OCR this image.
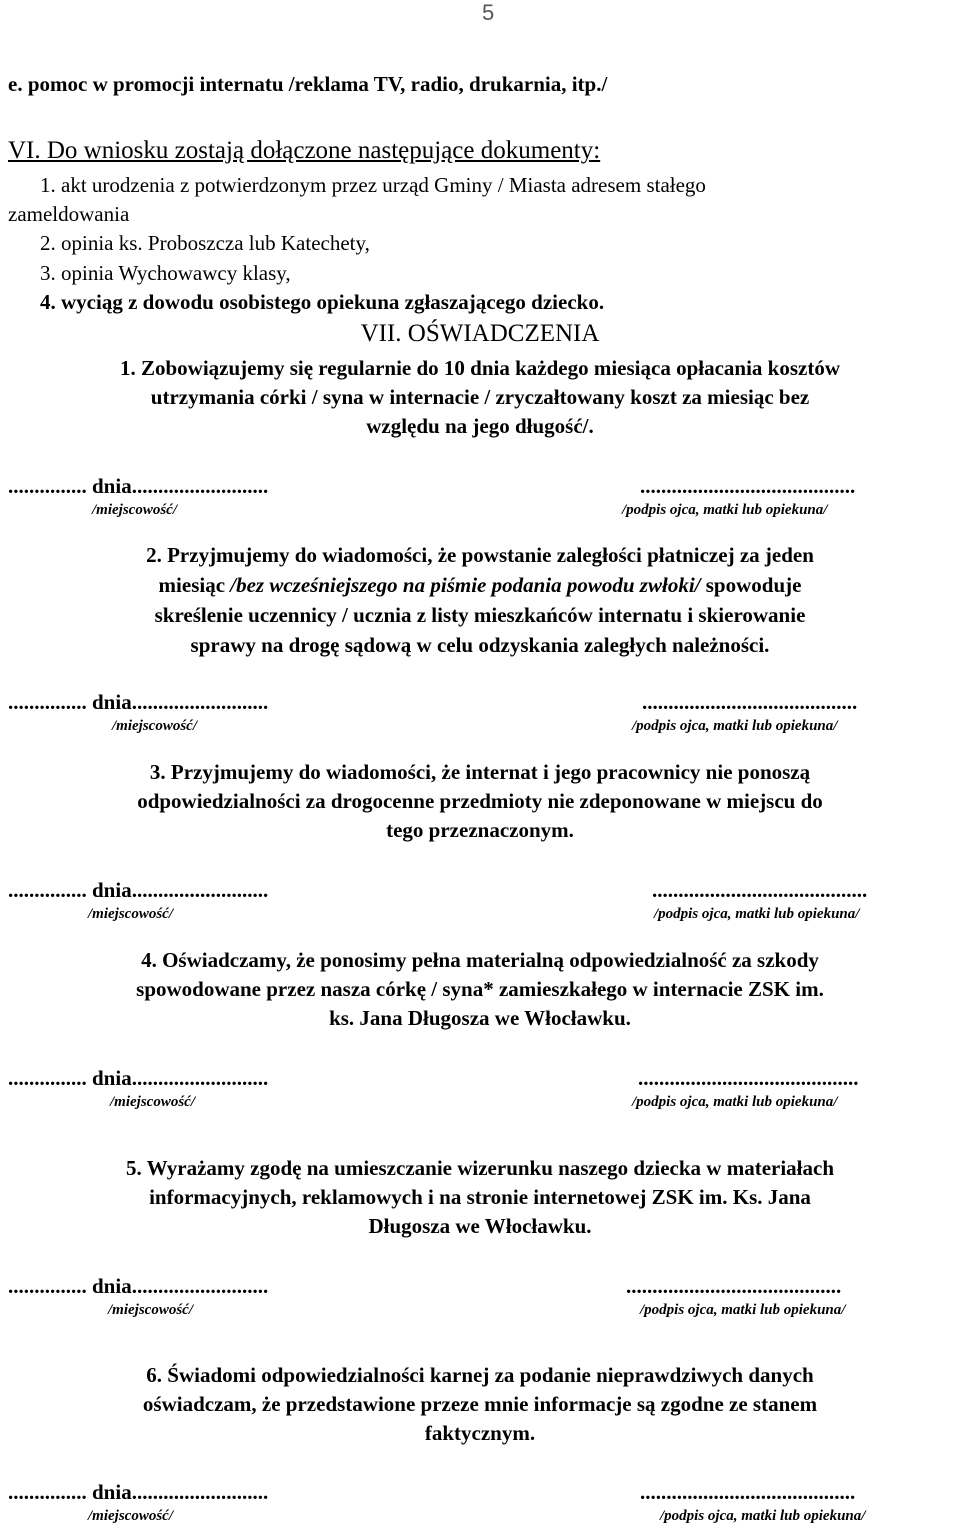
5
e. pomoc w promocji internatu /reklama TV, radio, drukarnia, itp./
VI. Do wniosku zostają dołączone następujące dokumenty:
1. akt urodzenia z potwierdzonym przez urząd Gminy / Miasta adresem stałego
zameldowania
2. opinia ks. Proboszcza lub Katechety,
3. opinia Wychowawcy klasy,
4. wyciąg z dowodu osobistego opiekuna zgłaszającego dziecko.
VII. OŚWIADCZENIA
1. Zobowiązujemy się regularnie do 10 dnia każdego miesiąca opłacania kosztów
utrzymania córki / syna w internacie / zryczałtowany koszt za miesiąc bez
względu na jego długość/.
............... dnia..........................	.........................................
/miejscowość/	/podpis ojca, matki lub opiekuna/
2. Przyjmujemy do wiadomości, że powstanie zaległości płatniczej za jeden
miesiąc /bez wcześniejszego na piśmie podania powodu zwłoki/ spowoduje
skreślenie uczennicy / ucznia z listy mieszkańców internatu i skierowanie
sprawy na drogę sądową w celu odzyskania zaległych należności.
............... dnia..........................	.........................................
/miejscowość/	/podpis ojca, matki lub opiekuna/
3. Przyjmujemy do wiadomości, że internat i jego pracownicy nie ponoszą
odpowiedzialności za drogocenne przedmioty nie zdeponowane w miejscu do
tego przeznaczonym.
............... dnia..........................	.........................................
/miejscowość/	/podpis ojca, matki lub opiekuna/
4. Oświadczamy, że ponosimy pełna materialną odpowiedzialność za szkody
spowodowane przez nasza córkę / syna* zamieszkałego w internacie ZSK im.
ks. Jana Długosza we Włocławku.
............... dnia..........................	..........................................
/miejscowość/	/podpis ojca, matki lub opiekuna/
5. Wyrażamy zgodę na umieszczanie wizerunku naszego dziecka w materiałach
informacyjnych, reklamowych i na stronie internetowej ZSK im. Ks. Jana
Długosza we Włocławku.
............... dnia..........................	.........................................
/miejscowość/	/podpis ojca, matki lub opiekuna/
6. Świadomi odpowiedzialności karnej za podanie nieprawdziwych danych
oświadczam, że przedstawione przeze mnie informacje są zgodne ze stanem
faktycznym.
............... dnia..........................	.........................................
/miejscowość/	/podpis ojca, matki lub opiekuna/
